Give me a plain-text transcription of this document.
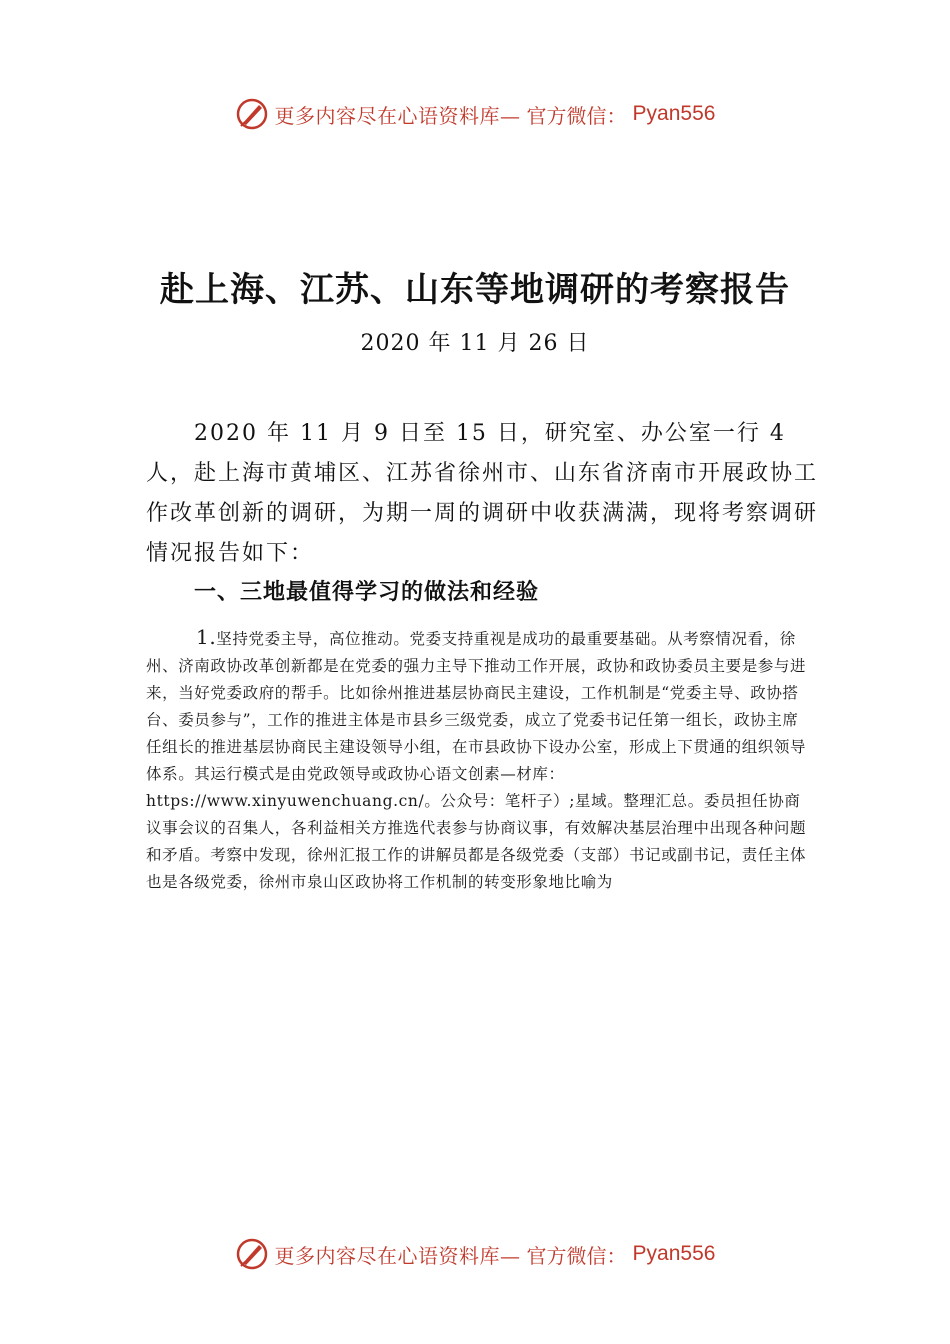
更多内容尽在心语资料库— 官方微信： Pyan556
赴上海、江苏、山东等地调研的考察报告
2020 年 11 月 26 日

2020 年 11 月 9 日至 15 日，研究室、办公室一行 4 人，赴上海市黄埔区、江苏省徐州市、山东省济南市开展政协工作改革创新的调研，为期一周的调研中收获满满，现将考察调研情况报告如下：

一、三地最值得学习的做法和经验

1.坚持党委主导，高位推动。党委支持重视是成功的最重要基础。从考察情况看，徐州、济南政协改革创新都是在党委的强力主导下推动工作开展，政协和政协委员主要是参与进来，当好党委政府的帮手。比如徐州推进基层协商民主建设，工作机制是“党委主导、政协搭台、委员参与”，工作的推进主体是市县乡三级党委，成立了党委书记任第一组长，政协主席任组长的推进基层协商民主建设领导小组，在市县政协下设办公室，形成上下贯通的组织领导体系。其运行模式是由党政领导或政协心语文创素—材库：https://www.xinyuwenchuang.cn/。公众号：笔杆子）;星域。整理汇总。委员担任协商议事会议的召集人，各利益相关方推选代表参与协商议事，有效解决基层治理中出现各种问题和矛盾。考察中发现，徐州汇报工作的讲解员都是各级党委（支部）书记或副书记，责任主体也是各级党委，徐州市泉山区政协将工作机制的转变形象地比喻为

更多内容尽在心语资料库— 官方微信： Pyan556
